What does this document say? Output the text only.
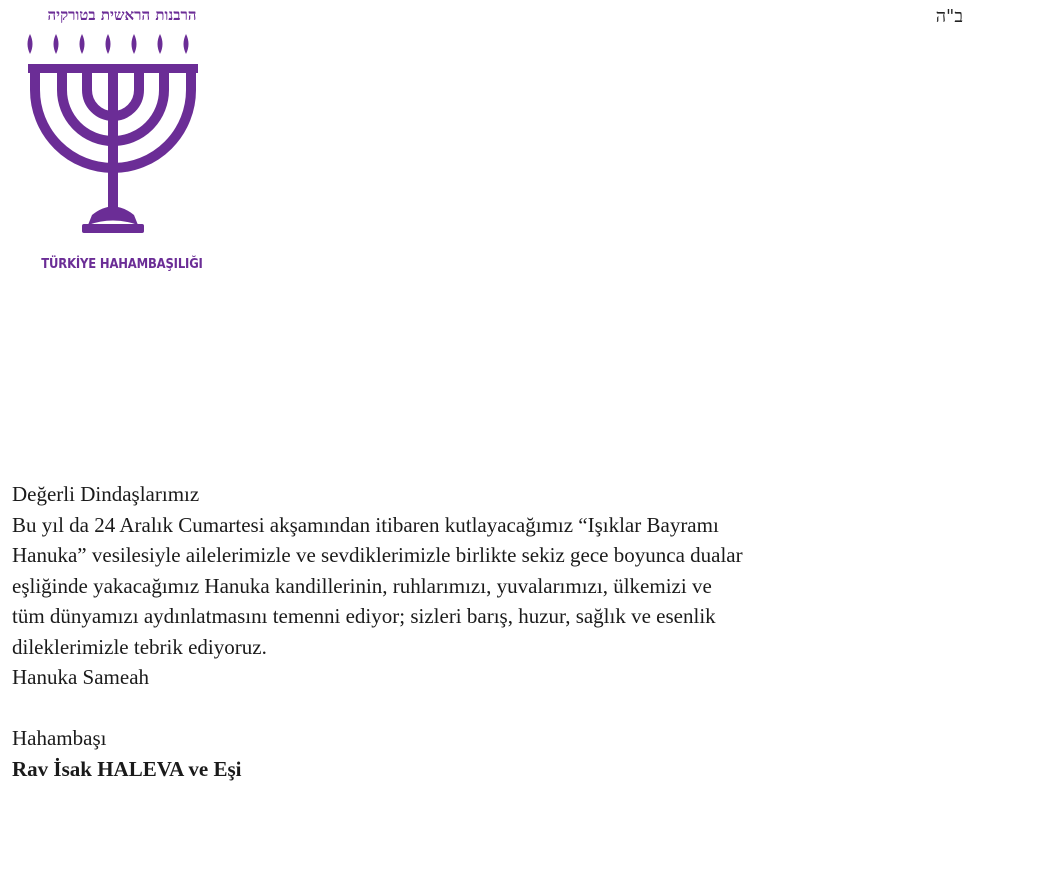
הרבנות הראשית בטורקיה
TÜRKİYE HAHAMBAŞILIĞI
ב"ה

Değerli Dindaşlarımız

Bu yıl da 24 Aralık Cumartesi akşamından itibaren kutlayacağımız “Işıklar Bayramı

Hanuka” vesilesiyle ailelerimizle ve sevdiklerimizle birlikte sekiz gece boyunca dualar

eşliğinde yakacağımız Hanuka kandillerinin, ruhlarımızı, yuvalarımızı, ülkemizi ve

tüm dünyamızı aydınlatmasını temenni ediyor; sizleri barış, huzur, sağlık ve esenlik

dileklerimizle tebrik ediyoruz.

Hanuka Sameah

Hahambaşı

Rav İsak HALEVA ve Eşi
